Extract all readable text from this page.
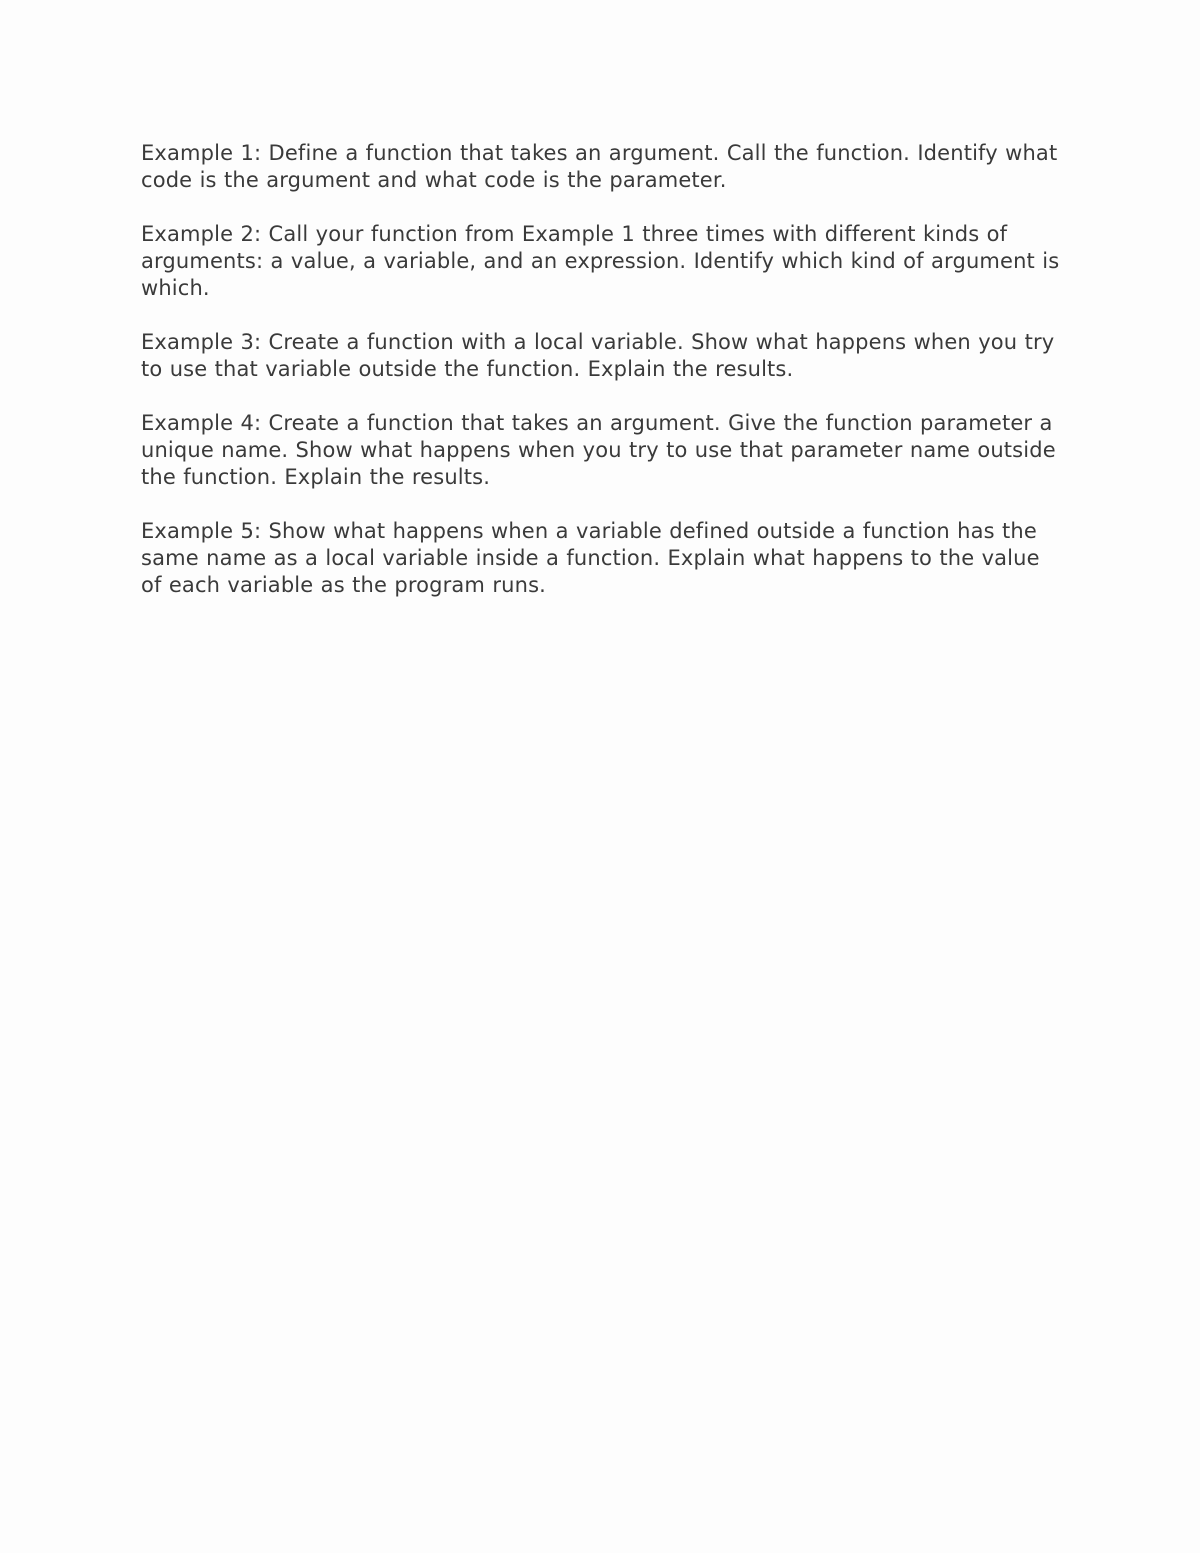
Example 1: Define a function that takes an argument. Call the function. Identify what code is the argument and what code is the parameter.

Example 2: Call your function from Example 1 three times with different kinds of arguments: a value, a variable, and an expression. Identify which kind of argument is which.

Example 3: Create a function with a local variable. Show what happens when you try to use that variable outside the function. Explain the results.

Example 4: Create a function that takes an argument. Give the function parameter a unique name. Show what happens when you try to use that parameter name outside the function. Explain the results.

Example 5: Show what happens when a variable defined outside a function has the same name as a local variable inside a function. Explain what happens to the value of each variable as the program runs.
